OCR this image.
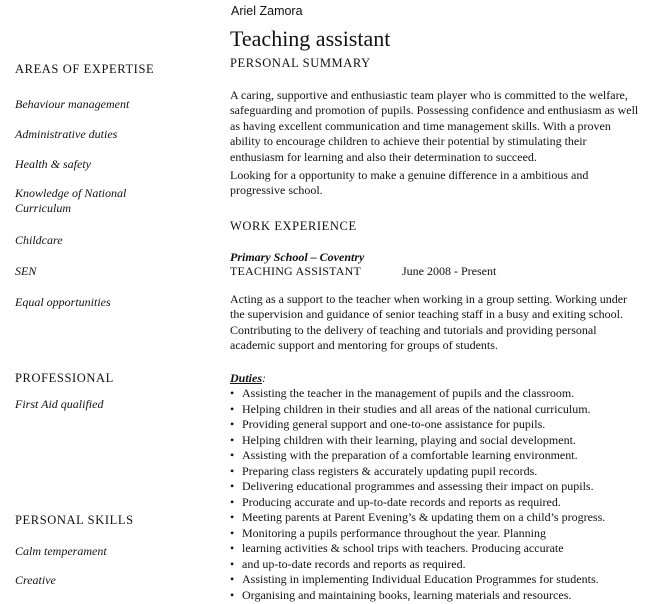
Ariel Zamora
Teaching assistant
AREAS OF EXPERTISE
Behaviour management
Administrative duties
Health & safety
Knowledge of National Curriculum
Childcare
SEN
Equal opportunities
PROFESSIONAL
First Aid qualified
PERSONAL SKILLS
Calm temperament
Creative
PERSONAL SUMMARY
A caring, supportive and enthusiastic team player who is committed to the welfare, safeguarding and promotion of pupils. Possessing confidence and enthusiasm as well as having excellent communication and time management skills. With a proven ability to encourage children to achieve their potential by stimulating their enthusiasm for learning and also their determination to succeed.
Looking for a opportunity to make a genuine difference in a ambitious and progressive school.
WORK EXPERIENCE
Primary School – Coventry
TEACHING ASSISTANT	June 2008 - Present
Acting as a support to the teacher when working in a group setting. Working under the supervision and guidance of senior teaching staff in a busy and exiting school. Contributing to the delivery of teaching and tutorials and providing personal academic support and mentoring for groups of students.
Duties:
• Assisting the teacher in the management of pupils and the classroom.
• Helping children in their studies and all areas of the national curriculum.
• Providing general support and one-to-one assistance for pupils.
• Helping children with their learning, playing and social development.
• Assisting with the preparation of a comfortable learning environment.
• Preparing class registers & accurately updating pupil records.
• Delivering educational programmes and assessing their impact on pupils.
• Producing accurate and up-to-date records and reports as required.
• Meeting parents at Parent Evening’s & updating them on a child’s progress.
• Monitoring a pupils performance throughout the year. Planning
• learning activities & school trips with teachers. Producing accurate
• and up-to-date records and reports as required.
• Assisting in implementing Individual Education Programmes for students.
• Organising and maintaining books, learning materials and resources.
